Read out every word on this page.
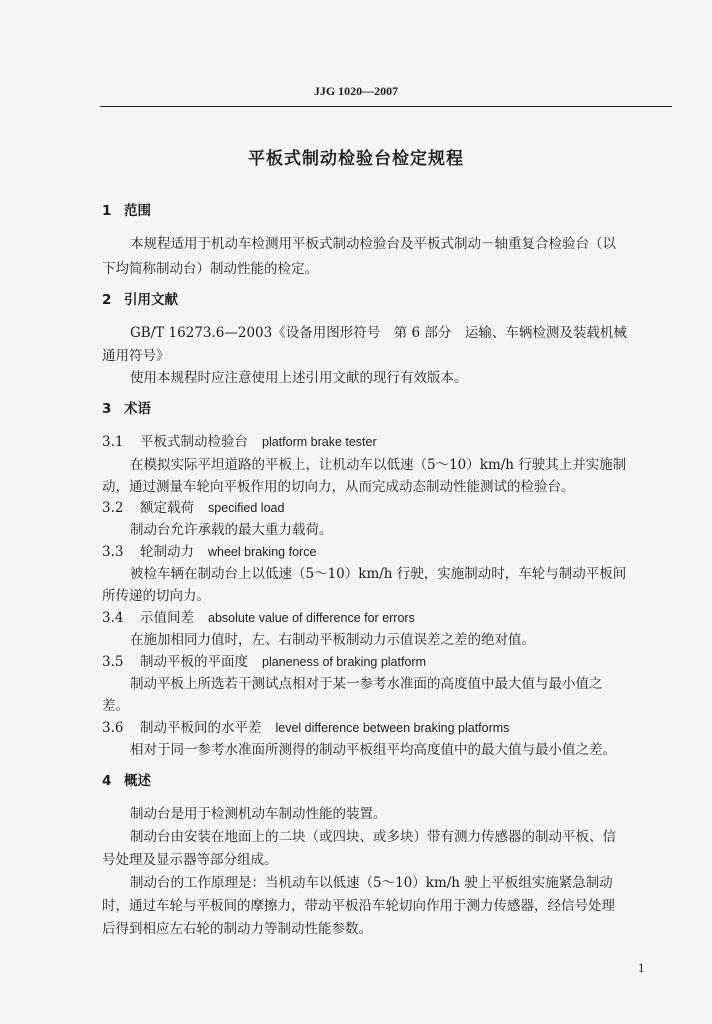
JJG 1020—2007
平板式制动检验台检定规程
1 范围
本规程适用于机动车检测用平板式制动检验台及平板式制动－轴重复合检验台（以
下均简称制动台）制动性能的检定。
2 引用文献
GB/T 16273.6—2003《设备用图形符号　第 6 部分　运输、车辆检测及装载机械
通用符号》
使用本规程时应注意使用上述引用文献的现行有效版本。
3 术语
3.1 平板式制动检验台 platform brake tester
在模拟实际平坦道路的平板上，让机动车以低速（5～10）km/h 行驶其上并实施制
动，通过测量车轮向平板作用的切向力，从而完成动态制动性能测试的检验台。
3.2 额定载荷 specified load
制动台允许承载的最大重力载荷。
3.3 轮制动力 wheel braking force
被检车辆在制动台上以低速（5～10）km/h 行驶，实施制动时，车轮与制动平板间
所传递的切向力。
3.4 示值间差 absolute value of difference for errors
在施加相同力值时，左、右制动平板制动力示值误差之差的绝对值。
3.5 制动平板的平面度 planeness of braking platform
制动平板上所选若干测试点相对于某一参考水准面的高度值中最大值与最小值之
差。
3.6 制动平板间的水平差 level difference between braking platforms
相对于同一参考水准面所测得的制动平板组平均高度值中的最大值与最小值之差。
4 概述
制动台是用于检测机动车制动性能的装置。
制动台由安装在地面上的二块（或四块、或多块）带有测力传感器的制动平板、信
号处理及显示器等部分组成。
制动台的工作原理是：当机动车以低速（5～10）km/h 驶上平板组实施紧急制动
时，通过车轮与平板间的摩擦力，带动平板沿车轮切向作用于测力传感器，经信号处理
后得到相应左右轮的制动力等制动性能参数。
1
